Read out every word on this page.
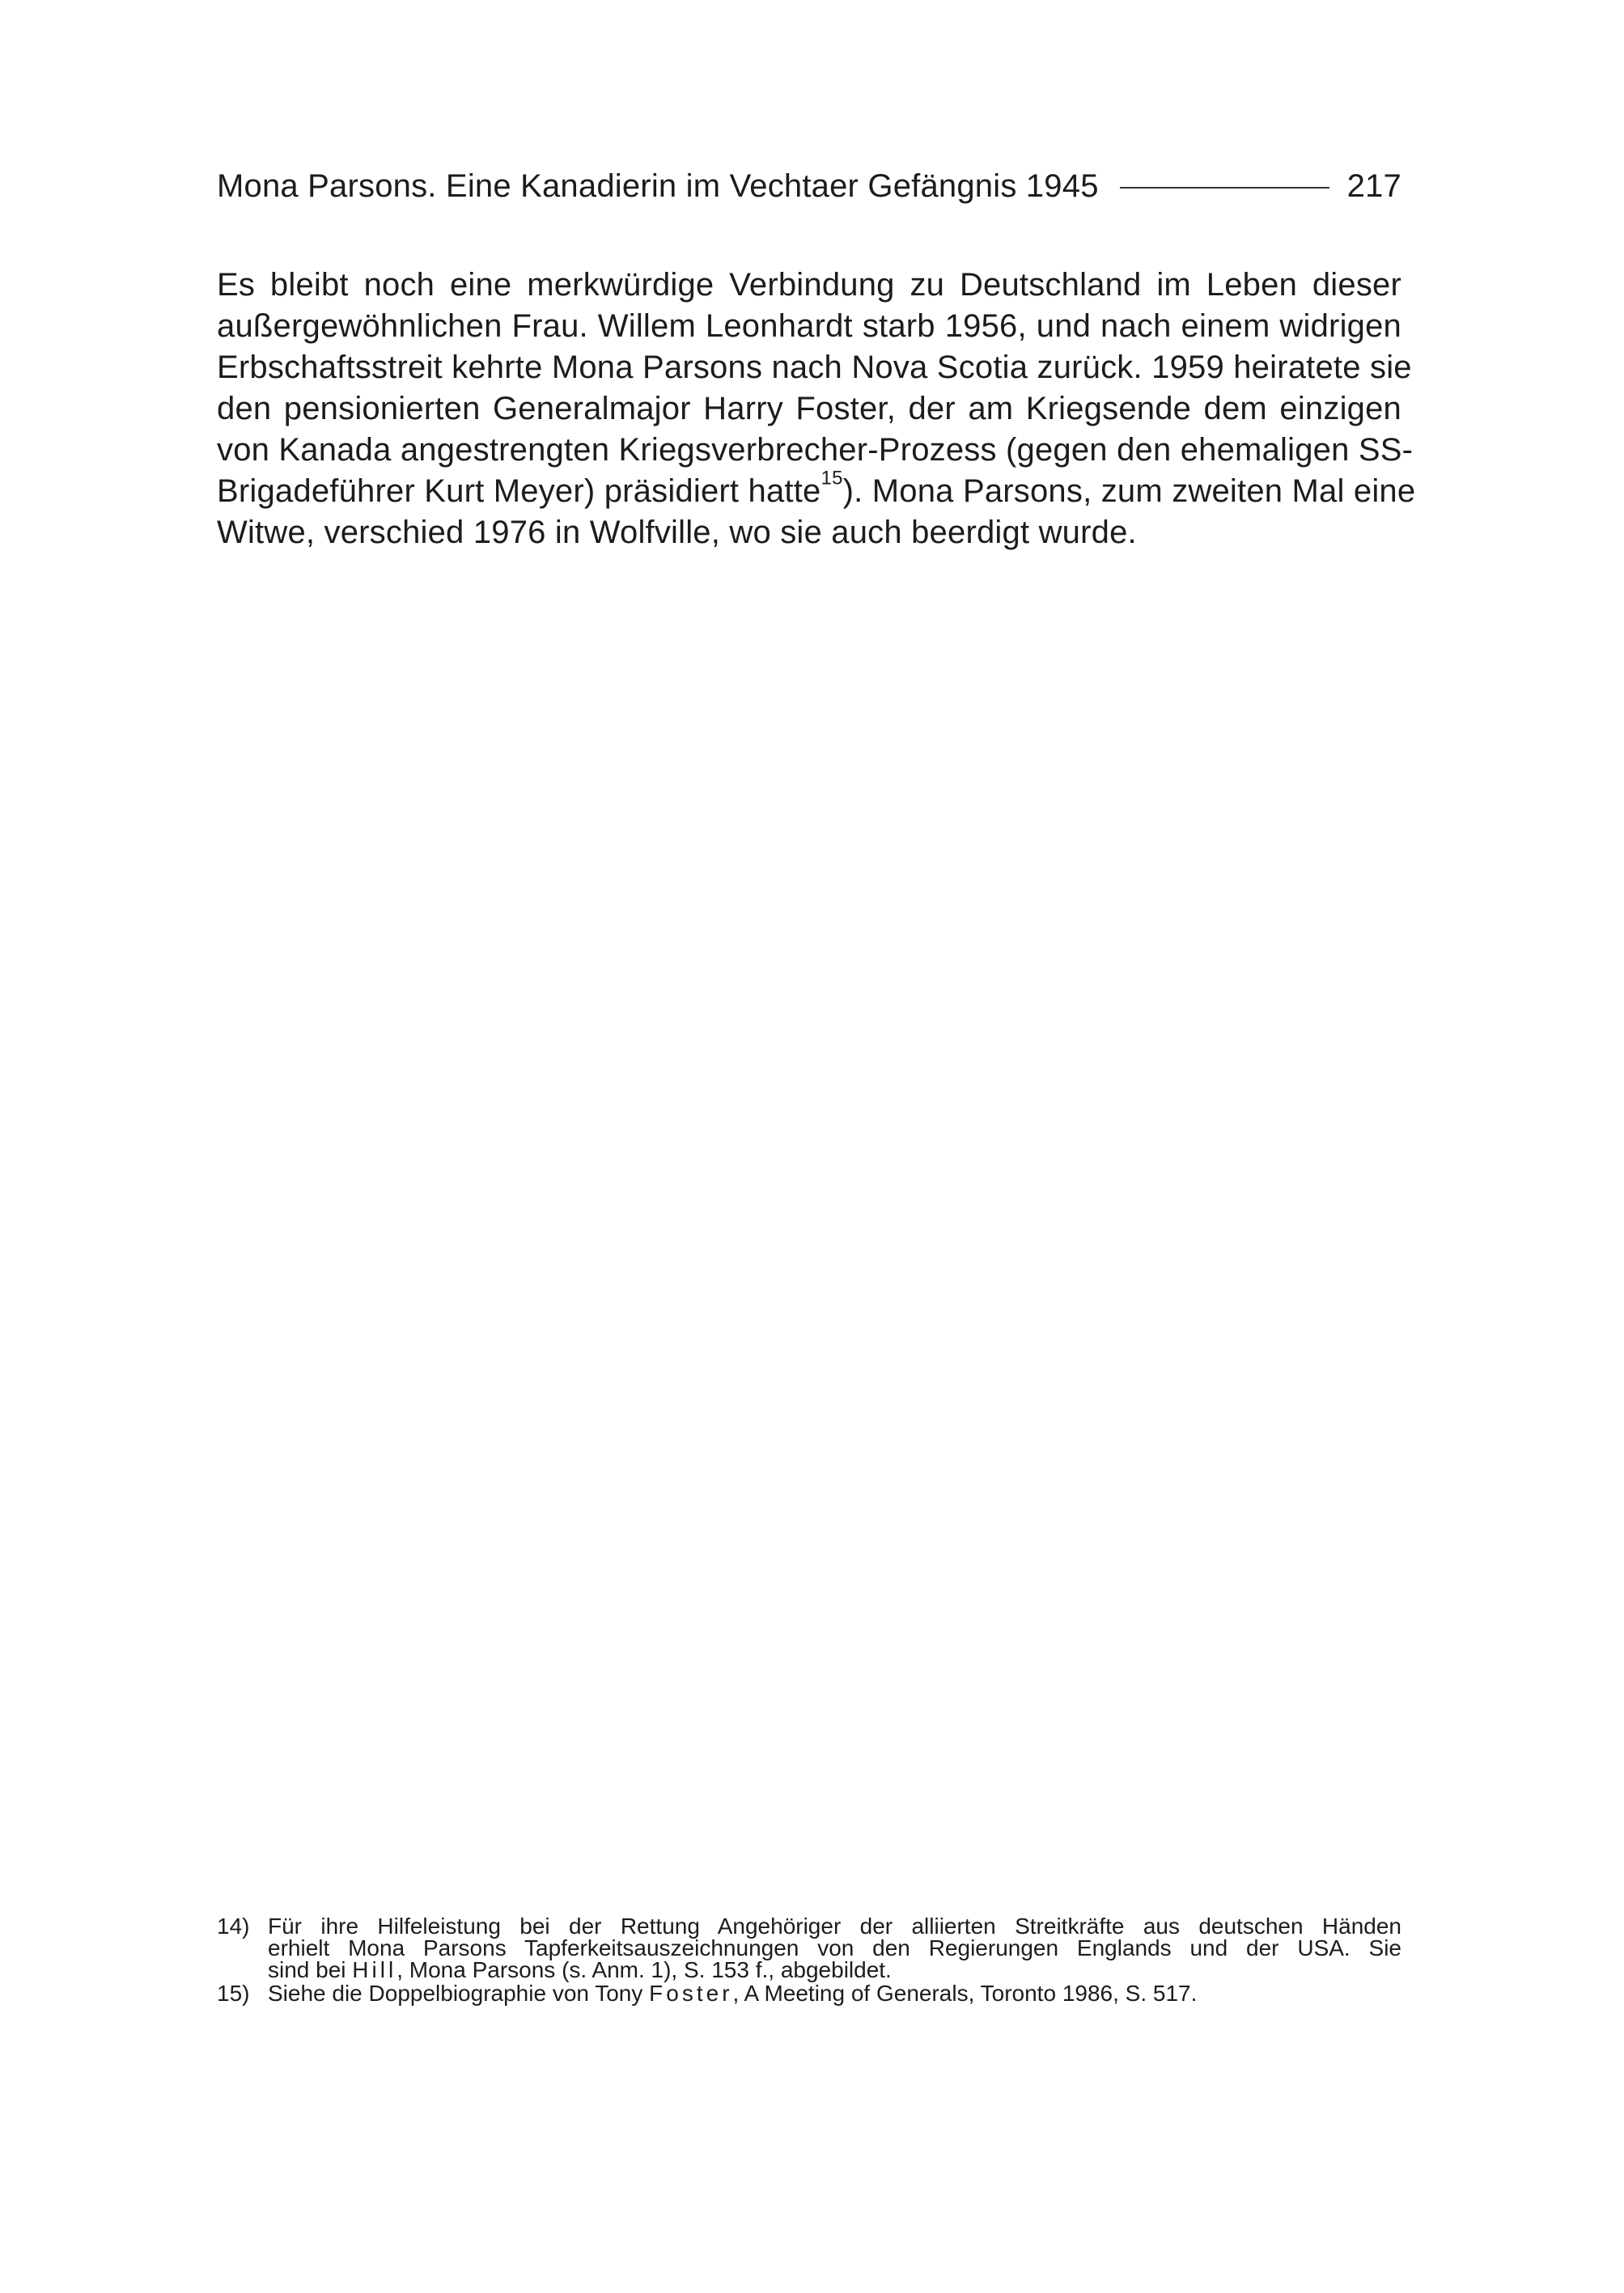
Mona Parsons. Eine Kanadierin im Vechtaer Gefängnis 1945	217
Es bleibt noch eine merkwürdige Verbindung zu Deutschland im Leben dieser
außergewöhnlichen Frau. Willem Leonhardt starb 1956, und nach einem widrigen
Erbschaftsstreit kehrte Mona Parsons nach Nova Scotia zurück. 1959 heiratete sie
den pensionierten Generalmajor Harry Foster, der am Kriegsende dem einzigen
von Kanada angestrengten Kriegsverbrecher-Prozess (gegen den ehemaligen SS-
Brigadeführer Kurt Meyer) präsidiert hatte$^{15}$). Mona Parsons, zum zweiten Mal eine
Witwe, verschied 1976 in Wolfville, wo sie auch beerdigt wurde.
14) Für ihre Hilfeleistung bei der Rettung Angehöriger der alliierten Streitkräfte aus deutschen Händen
erhielt Mona Parsons Tapferkeitsauszeichnungen von den Regierungen Englands und der USA. Sie
sind bei Hill, Mona Parsons (s. Anm. 1), S. 153 f., abgebildet.
15) Siehe die Doppelbiographie von Tony Foster, A Meeting of Generals, Toronto 1986, S. 517.
